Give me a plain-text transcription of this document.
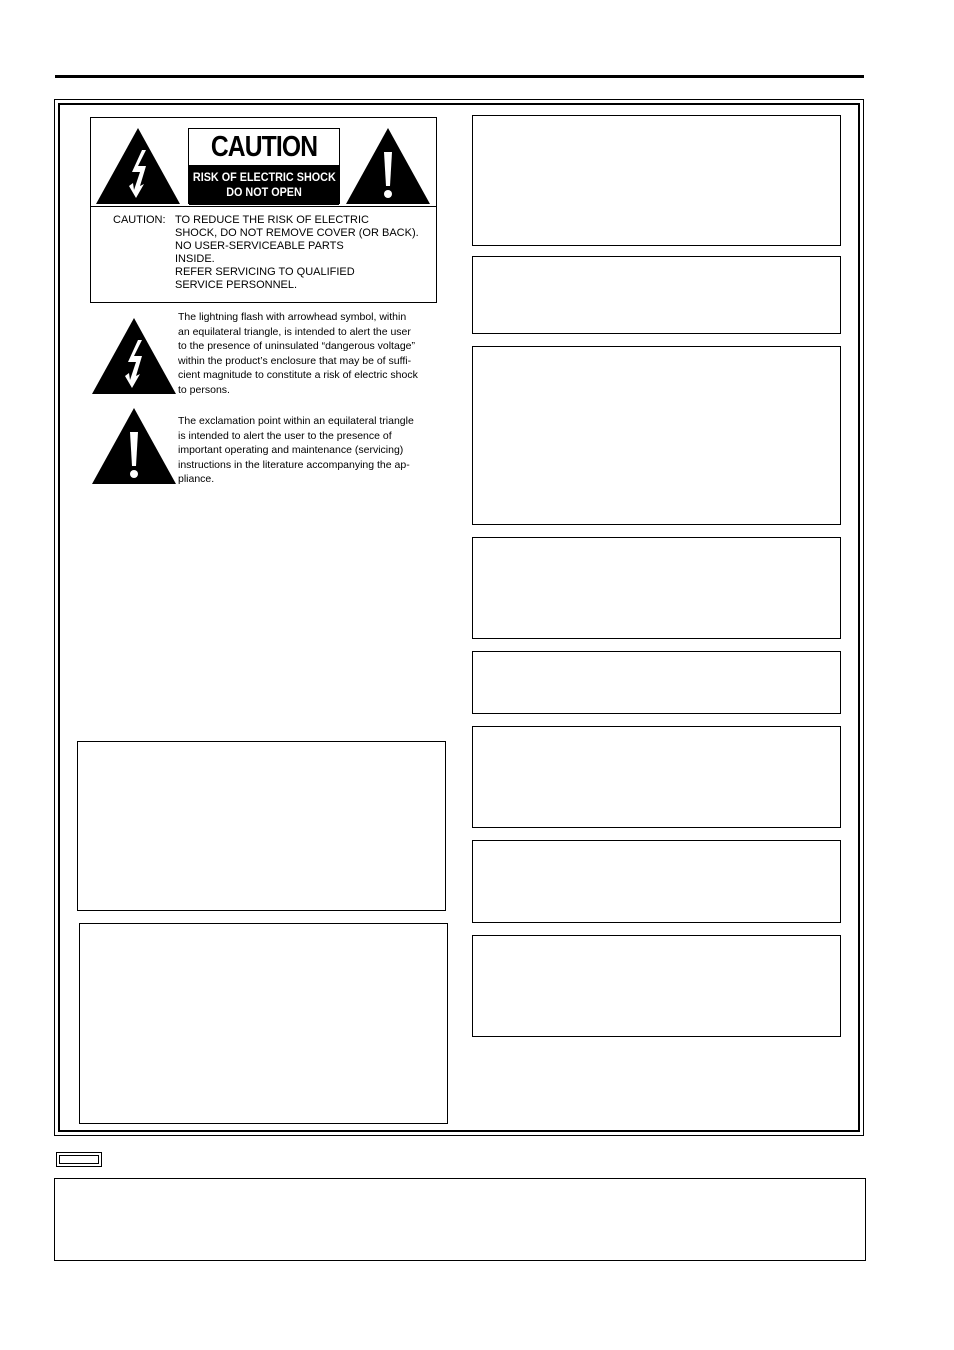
CAUTION
RISK OF ELECTRIC SHOCK
DO NOT OPEN
CAUTION: TO REDUCE THE RISK OF ELECTRIC
SHOCK, DO NOT REMOVE COVER (OR BACK).
NO USER-SERVICEABLE PARTS
INSIDE.
REFER SERVICING TO QUALIFIED
SERVICE PERSONNEL.
The lightning flash with arrowhead symbol, within
an equilateral triangle, is intended to alert the user
to the presence of uninsulated “dangerous voltage”
within the product’s enclosure that may be of suffi-
cient magnitude to constitute a risk of electric shock
to persons.
The exclamation point within an equilateral triangle
is intended to alert the user to the presence of
important operating and maintenance (servicing)
instructions in the literature accompanying the ap-
pliance.
